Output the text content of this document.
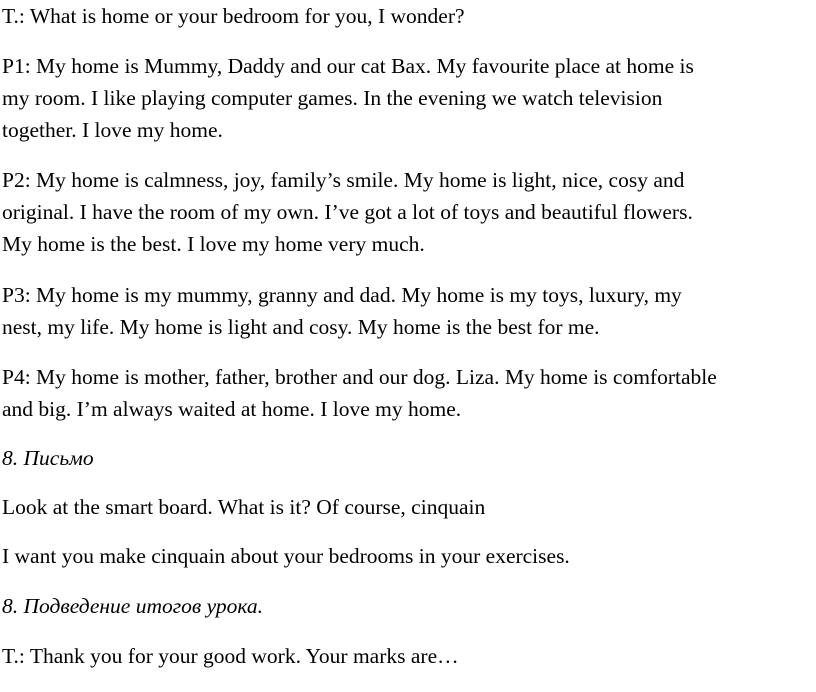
T.: What is home or your bedroom for you, I wonder?

P1: My home is Mummy, Daddy and our cat Bax. My favourite place at home is
my room. I like playing computer games. In the evening we watch television
together. I love my home.

P2: My home is calmness, joy, family’s smile. My home is light, nice, cosy and
original. I have the room of my own. I’ve got a lot of toys and beautiful flowers.
My home is the best. I love my home very much.

P3: My home is my mummy, granny and dad. My home is my toys, luxury, my
nest, my life. My home is light and cosy. My home is the best for me.

P4: My home is mother, father, brother and our dog. Liza. My home is comfortable
and big. I’m always waited at home. I love my home.

8. Письмо

Look at the smart board. What is it? Of course, cinquain

I want you make cinquain about your bedrooms in your exercises.

8. Подведение итогов урока.

T.: Thank you for your good work. Your marks are…
